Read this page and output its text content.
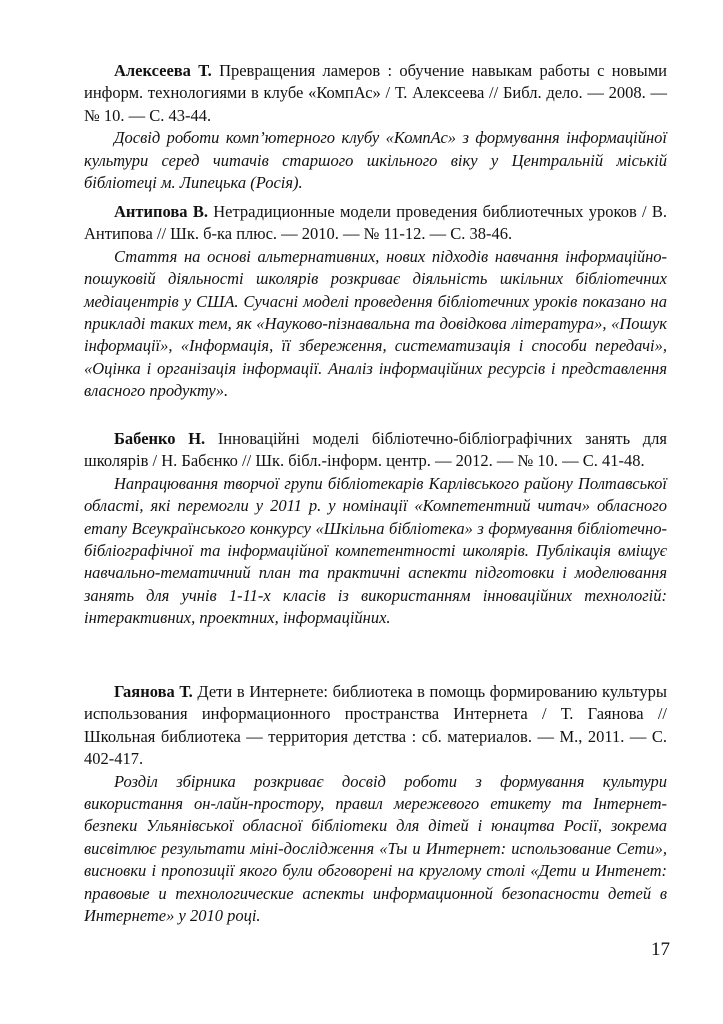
Алексеева Т. Превращения ламеров : обучение навыкам работы с новыми информ. технологиями в клубе «КомпАс» / Т. Алексеева // Библ. дело. — 2008. —№ 10. — С. 43-44.

Досвід роботи комп’ютерного клубу «КомпАс» з формування інформаційної культури серед читачів старшого шкільного віку у Центральній міській бібліотеці м. Липецька (Росія).

Антипова В. Нетрадиционные модели проведения библиотечных уроков / В. Антипова // Шк. б-ка плюс. — 2010. — № 11-12. — С. 38-46.

Стаття на основі альтернативних, нових підходів навчання інформаційно-пошуковій діяльності школярів розкриває діяльність шкільних бібліотечних медіацентрів у США. Сучасні моделі проведення бібліотечних уроків показано на прикладі таких тем, як «Науково-пізнавальна та довідкова література», «Пошук інформації», «Інформація, її збереження, систематизація і способи передачі», «Оцінка і організація інформації. Аналіз інформаційних ресурсів і представлення власного продукту».

Бабенко Н. Інноваційні моделі бібліотечно-бібліографічних занять для школярів / Н. Бабєнко // Шк. бібл.-інформ. центр. — 2012. — № 10. — С. 41-48.

Напрацювання творчої групи бібліотекарів Карлівського району Полтавської області, які перемогли у 2011 р. у номінації «Компетентний читач» обласного етапу Всеукраїнського конкурсу «Шкільна бібліотека» з формування бібліотечно-бібліографічної та інформаційної компетентності школярів. Публікація вміщує навчально-тематичний план та практичні аспекти підготовки і моделювання занять для учнів 1-11-х класів із використанням інноваційних технологій: інтерактивних, проектних, інформаційних.

Гаянова Т. Дети в Интернете: библиотека в помощь формированию культуры использования информационного пространства Интернета / Т. Гаянова // Школьная библиотека — территория детства : сб. материалов. — М., 2011. — С. 402-417.

Розділ збірника розкриває досвід роботи з формування культури використання он-лайн-простору, правил мережевого етикету та Інтернет-безпеки Ульянівської обласної бібліотеки для дітей і юнацтва Росії, зокрема висвітлює результати міні-дослідження «Ты и Интернет: использование Сети», висновки і пропозиції якого були обговорені на круглому столі «Дети и Интенет: правовые и технологические аспекты информационной безопасности детей в Интернете» у 2010 році.

17
